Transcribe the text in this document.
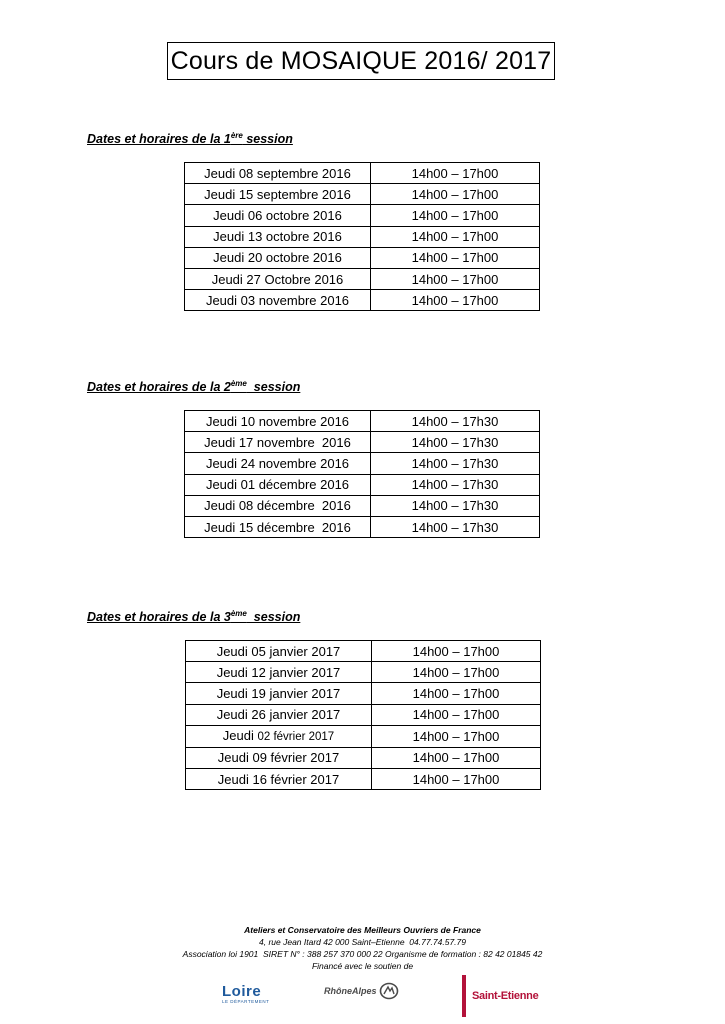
Cours de MOSAIQUE 2016/ 2017
Dates et horaires de la 1ère session
Jeudi 08 septembre 2016	14h00 – 17h00
Jeudi 15 septembre 2016	14h00 – 17h00
Jeudi 06 octobre 2016	14h00 – 17h00
Jeudi 13 octobre 2016	14h00 – 17h00
Jeudi 20 octobre 2016	14h00 – 17h00
Jeudi 27 Octobre 2016	14h00 – 17h00
Jeudi 03 novembre 2016	14h00 – 17h00
Dates et horaires de la 2ème  session
Jeudi 10 novembre 2016	14h00 – 17h30
Jeudi 17 novembre  2016	14h00 – 17h30
Jeudi 24 novembre 2016	14h00 – 17h30
Jeudi 01 décembre 2016	14h00 – 17h30
Jeudi 08 décembre  2016	14h00 – 17h30
Jeudi 15 décembre  2016	14h00 – 17h30
Dates et horaires de la 3ème  session
Jeudi 05 janvier 2017	14h00 – 17h00
Jeudi 12 janvier 2017	14h00 – 17h00
Jeudi 19 janvier 2017	14h00 – 17h00
Jeudi 26 janvier 2017	14h00 – 17h00
Jeudi 02 février 2017	14h00 – 17h00
Jeudi 09 février 2017	14h00 – 17h00
Jeudi 16 février 2017	14h00 – 17h00
Ateliers et Conservatoire des Meilleurs Ouvriers de France
4, rue Jean Itard 42 000 Saint–Etienne  04.77.74.57.79
Association loi 1901  SIRET N° : 388 257 370 000 22 Organisme de formation : 82 42 01845 42
Financé avec le soutien de
Loire
LE DÉPARTEMENT
RhôneAlpes	Saint-Etienne
